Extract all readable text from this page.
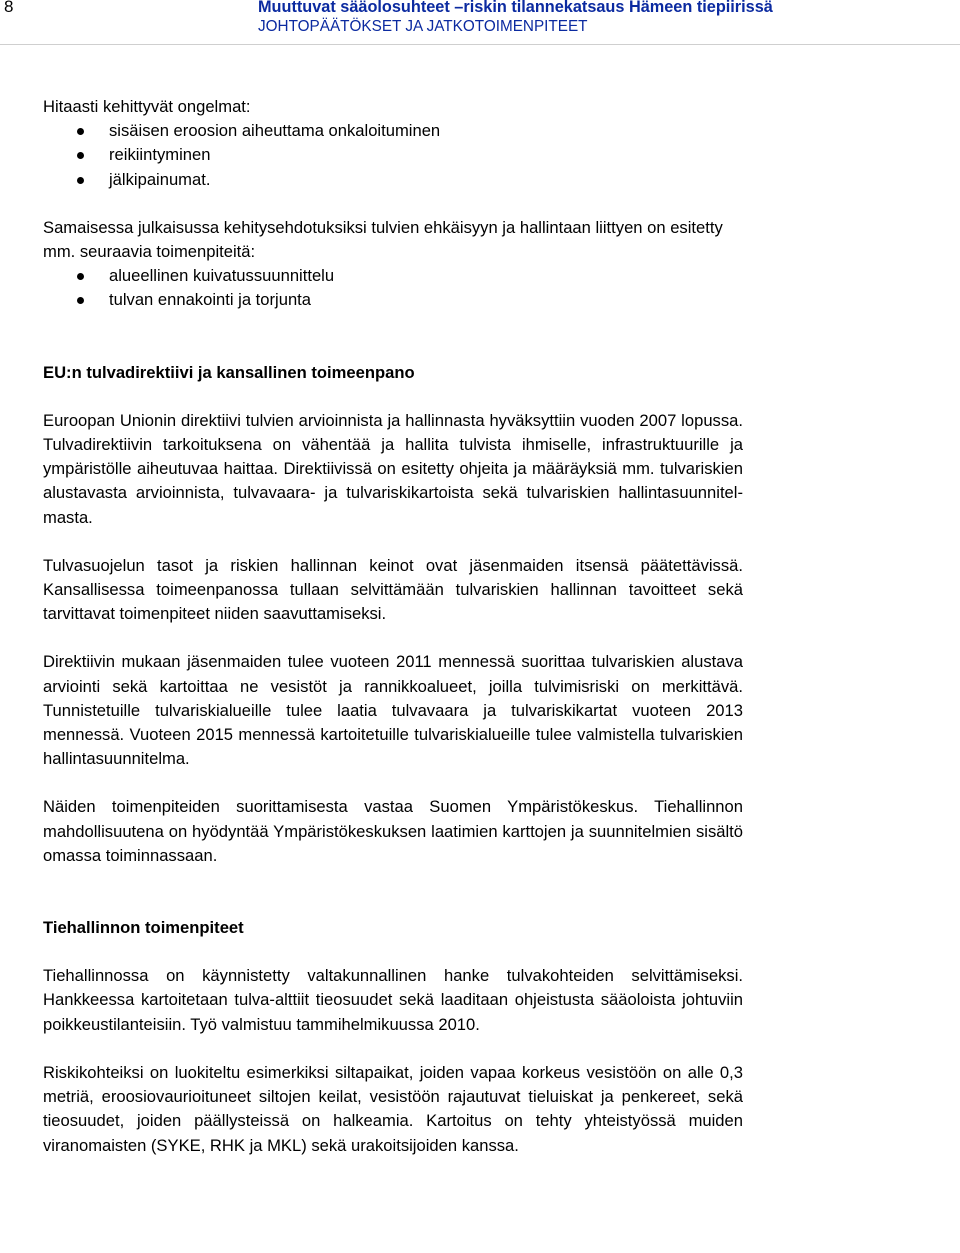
8	Muuttuvat sääolosuhteet –riskin tilannekatsaus Hämeen tiepiirissä
JOHTOPÄÄTÖKSET JA JATKOTOIMENPITEET

Hitaasti kehittyvät ongelmat:

sisäisen eroosion aiheuttama onkaloituminen
reikiintyminen
jälkipainumat.

Samaisessa julkaisussa kehitysehdotuksiksi tulvien ehkäisyyn ja hallintaan liittyen on esitetty mm. seuraavia toimenpiteitä:

alueellinen kuivatussuunnittelu
tulvan ennakointi ja torjunta
EU:n tulvadirektiivi ja kansallinen toimeenpano

Euroopan Unionin direktiivi tulvien arvioinnista ja hallinnasta hyväksyttiin vuoden 2007 lopussa. Tulvadirektiivin tarkoituksena on vähentää ja hallita tulvista ihmiselle, infrastruktuurille ja ympäristölle aiheutuvaa haittaa. Direktiivissä on esitetty ohjeita ja määräyksiä mm. tulvariskien alustavasta arvioinnista, tulvavaara- ja tulvariskikartoista sekä tulvariskien hallintasuunnitelmasta.

Tulvasuojelun tasot ja riskien hallinnan keinot ovat jäsenmaiden itsensä päätettävissä. Kansallisessa toimeenpanossa tullaan selvittämään tulvariskien hallinnan tavoitteet sekä tarvittavat toimenpiteet niiden saavuttamiseksi.

Direktiivin mukaan jäsenmaiden tulee vuoteen 2011 mennessä suorittaa tulvariskien alustava arviointi sekä kartoittaa ne vesistöt ja rannikkoalueet, joilla tulvimisriski on merkittävä. Tunnistetuille tulvariskialueille tulee laatia tulvavaara ja tulvariskikartat vuoteen 2013 mennessä. Vuoteen 2015 mennessä kartoitetuille tulvariskialueille tulee valmistella tulvariskien hallintasuunnitelma.

Näiden toimenpiteiden suorittamisesta vastaa Suomen Ympäristökeskus. Tiehallinnon mahdollisuutena on hyödyntää Ympäristökeskuksen laatimien karttojen ja suunnitelmien sisältö omassa toiminnassaan.

Tiehallinnon toimenpiteet

Tiehallinnossa on käynnistetty valtakunnallinen hanke tulvakohteiden selvittämiseksi. Hankkeessa kartoitetaan tulva-alttiit tieosuudet sekä laaditaan ohjeistusta sääoloista johtuviin poikkeustilanteisiin. Työ valmistuu tammihelmikuussa 2010.

Riskikohteiksi on luokiteltu esimerkiksi siltapaikat, joiden vapaa korkeus vesistöön on alle 0,3 metriä, eroosiovaurioituneet siltojen keilat, vesistöön rajautuvat tieluiskat ja penkereet, sekä tieosuudet, joiden päällysteissä on halkeamia. Kartoitus on tehty yhteistyössä muiden viranomaisten (SYKE, RHK ja MKL) sekä urakoitsijoiden kanssa.
